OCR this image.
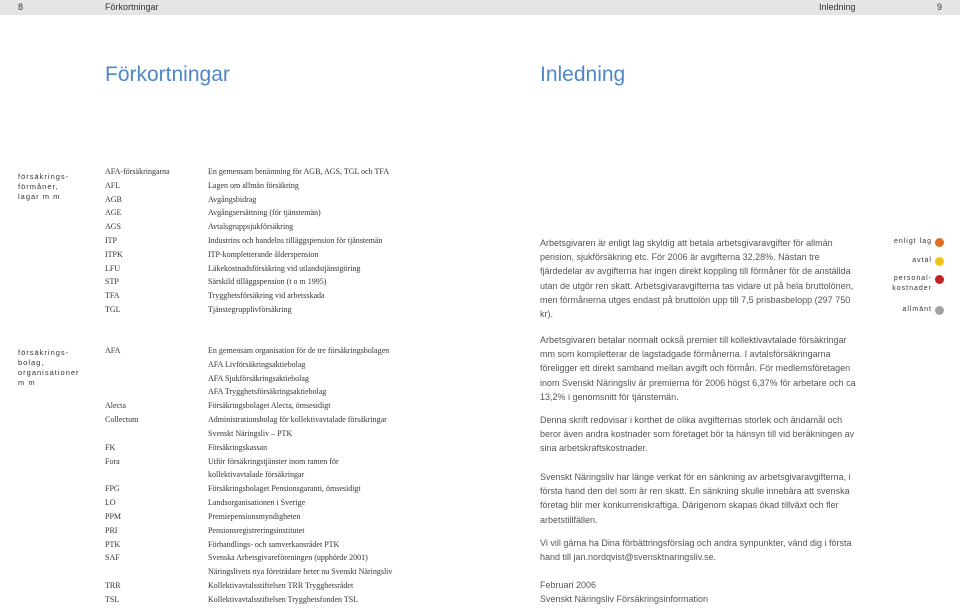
8	Förkortningar	Inledning	9
Förkortningar	Inledning
försäkrings-
förmåner,
lagar m m
AFA-försäkringarna	En gemensam benämning för AGB, AGS, TGL och TFA
AFL	Lagen om allmän försäkring
AGB	Avgångsbidrag
AGE	Avgångsersättning (för tjänstemän)
AGS	Avtalsgruppsjukförsäkring
ITP	Industrins och handelns tilläggspension för tjänstemän
ITPK	ITP-kompletterande ålderspension
LFU	Läkekostnadsförsäkring vid utlandstjänstgöring
STP	Särskild tilläggspension (t o m 1995)
TFA	Trygghetsförsäkring vid arbetsskada
TGL	Tjänstegrupplivförsäkring
försäkrings-
bolag,
organisationer
m m
AFA	En gemensam organisation för de tre försäkringsbolagen
AFA Livförsäkringsaktiebolag
AFA Sjukförsäkringsaktiebolag
AFA Trygghetsförsäkringsaktiebolag
Alecta	Försäkringsbolaget Alecta, ömsesidigt
Collectum	Administrationsbolag för kollektivavtalade försäkringar
Svenskt Näringsliv – PTK
FK	Försäkringskassan
Fora	Utför försäkringstjänster inom ramen för
kollektivavtalade försäkringar
FPG	Försäkringsbolaget Pensionsgaranti, ömsesidigt
LO	Landsorganisationen i Sverige
PPM	Premiepensionsmyndigheten
PRI	Pensionsregistreringsinstitutet
PTK	Förhandlings- och samverkansrådet PTK
SAF	Svenska Arbetsgivareföreningen (upphörde 2001)
Näringslivets nya företrädare heter nu Svenskt Näringsliv
TRR	Kollektivavtalsstiftelsen TRR Trygghetsrådet
TSL	Kollektivavtalsstiftelsen Trygghetsfonden TSL

Arbetsgivaren är enligt lag skyldig att betala arbetsgivaravgifter för allmän pension, sjukförsäkring etc. För 2006 är avgifterna 32,28%. Nästan tre fjärdedelar av avgifterna har ingen direkt koppling till förmåner för de anställda utan de utgör ren skatt. Arbetsgivaravgifterna tas vidare ut på hela bruttolönen, men förmånerna utges endast på bruttolön upp till 7,5 prisbasbelopp (297 750 kr).

Arbetsgivaren betalar normalt också premier till kollektivavtalade försäkringar mm som kompletterar de lagstadgade förmånerna. I avtalsförsäkringarna föreligger ett direkt samband mellan avgift och förmån. För medlemsföretagen inom Svenskt Näringsliv är premierna för 2006 högst 6,37% för arbetare och ca 13,2% i genomsnitt för tjänstemän.

Denna skrift redovisar i korthet de olika avgifternas storlek och ändamål och beror även andra kostnader som företaget bör ta hänsyn till vid beräkningen av sina arbetskraftskostnader.

Svenskt Näringsliv har länge verkat för en sänkning av arbetsgivaravgifterna, i första hand den del som är ren skatt. En sänkning skulle innebära att svenska företag blir mer konkurrenskraftiga. Därigenom skapas ökad tillväxt och fler arbetstillfällen.

Vi vill gärna ha Dina förbättringsförslag och andra synpunkter, vänd dig i första hand till jan.nordqvist@svensktnaringsliv.se.

Februari 2006

Svenskt Näringsliv Försäkringsinformation

enligt lag
avtal
personal-
kostnader
allmänt
